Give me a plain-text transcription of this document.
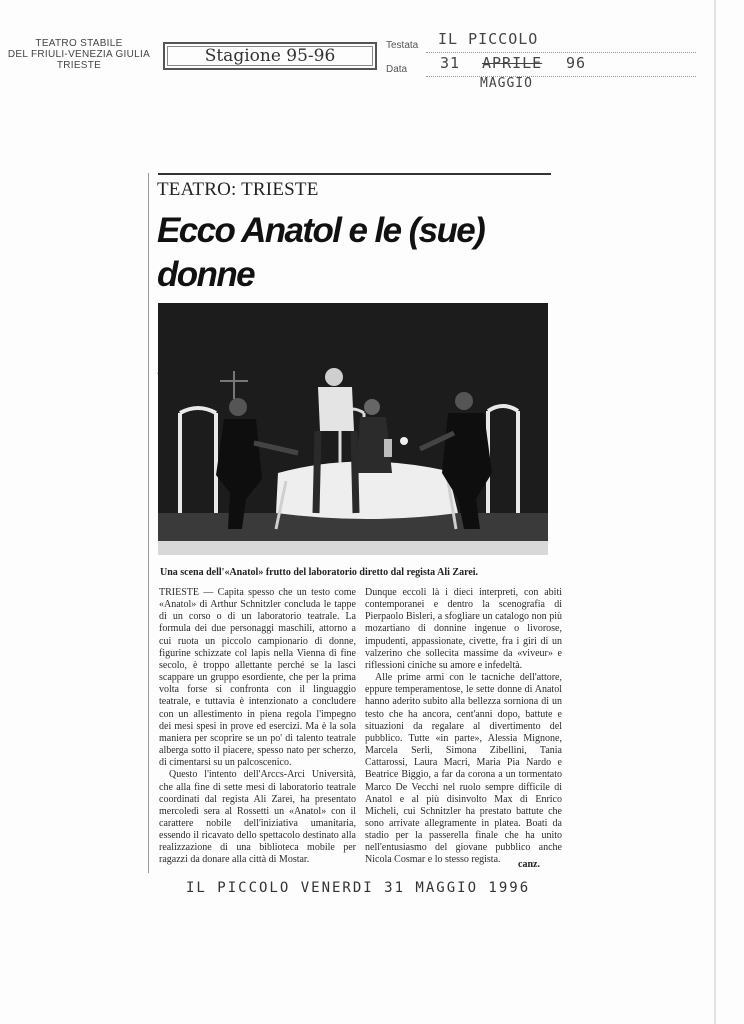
TEATRO STABILE
DEL FRIULI-VENEZIA GIULIA
TRIESTE	Stagione 95-96
Testata IL PICCOLO
Data 31 APRILE 96
MAGGIO
TEATRO: TRIESTE
Ecco Anatol e le (sue) donne
Una scena dell'«Anatol» frutto del laboratorio diretto dal regista Ali Zarei.

TRIESTE — Capita spesso che un testo come «Anatol» di Arthur Schnitzler concluda le tappe di un corso o di un laboratorio teatrale. La formula dei due personaggi maschili, attorno a cui ruota un piccolo campionario di donne, figurine schizzate col lapis nella Vienna di fine secolo, è troppo allettante perché se la lasci scappare un gruppo esordiente, che per la prima volta forse si confronta con il linguaggio teatrale, e tuttavia è intenzionato a concludere con un allestimento in piena regola l'impegno dei mesi spesi in prove ed esercizi. Ma è la sola maniera per scoprire se un po' di talento teatrale alberga sotto il piacere, spesso nato per scherzo, di cimentarsi su un palcoscenico.

Questo l'intento dell'Arccs-Arci Università, che alla fine di sette mesi di laboratorio teatrale coordinati dal regista Ali Zarei, ha presentato mercoledì sera al Rossetti un «Anatol» con il carattere nobile dell'iniziativa umanitaria, essendo il ricavato dello spettacolo destinato alla realizzazione di una biblioteca mobile per ragazzi da donare alla città di Mostar.

Dunque eccoli là i dieci interpreti, con abiti contemporanei e dentro la scenografia di Pierpaolo Bisleri, a sfogliare un catalogo non più mozartiano di donnine ingenue o livorose, impudenti, appassionate, civette, fra i giri di un valzerino che sollecita massime da «viveur» e riflessioni ciniche su amore e infedeltà.

Alle prime armi con le tacniche dell'attore, eppure temperamentose, le sette donne di Anatol hanno aderito subito alla bellezza sorniona di un testo che ha ancora, cent'anni dopo, battute e situazioni da regalare al divertimento del pubblico. Tutte «in parte», Alessia Mignone, Marcela Serli, Simona Zibellini, Tania Cattarossi, Laura Macri, Maria Pia Nardo e Beatrice Biggio, a far da corona a un tormentato Marco De Vecchi nel ruolo sempre difficile di Anatol e al più disinvolto Max di Enrico Micheli, cui Schnitzler ha prestato battute che sono arrivate allegramente in platea. Boati da stadio per la passerella finale che ha unito nell'entusiasmo del giovane pubblico anche Nicola Cosmar e lo stesso regista.	canz.
IL PICCOLO VENERDI 31 MAGGIO 1996
